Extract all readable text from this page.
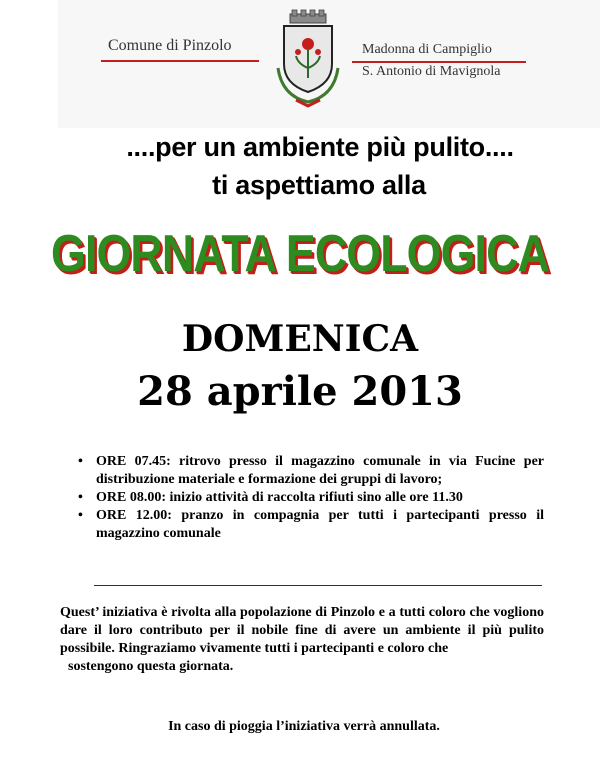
Comune di Pinzolo	Madonna di Campiglio
S. Antonio di Mavignola
....per un ambiente più pulito....
ti aspettiamo alla
GIORNATA ECOLOGICA
DOMENICA
28 aprile 2013
• ORE 07.45: ritrovo presso il magazzino comunale in via Fucine per distribuzione materiale e formazione dei gruppi di lavoro;
• ORE 08.00: inizio attività di raccolta rifiuti sino alle ore 11.30
• ORE 12.00: pranzo in compagnia per tutti i partecipanti presso il magazzino comunale
Quest’ iniziativa è rivolta alla popolazione di Pinzolo e a tutti coloro che vogliono dare il loro contributo per il nobile fine di avere un ambiente il più pulito possibile. Ringraziamo vivamente tutti i partecipanti e coloro che
sostengono questa giornata.
In caso di pioggia l’iniziativa verrà annullata.
